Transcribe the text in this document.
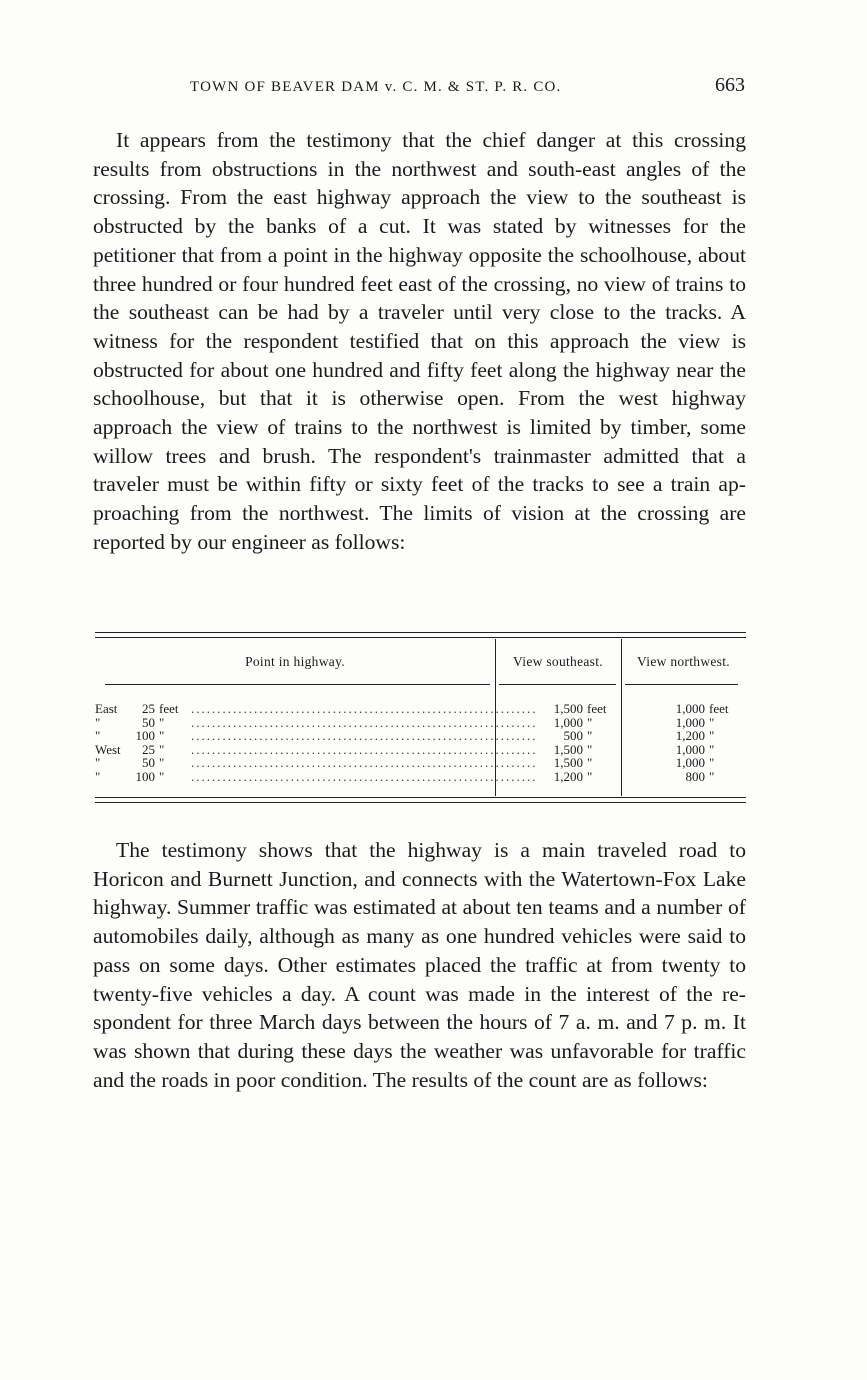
TOWN OF BEAVER DAM v. C. M. & ST. P. R. CO.	663

It appears from the testimony that the chief danger at this crossing results from obstructions in the northwest and south-east angles of the crossing. From the east highway approach the view to the southeast is obstructed by the banks of a cut. It was stated by witnesses for the petitioner that from a point in the highway opposite the schoolhouse, about three hundred or four hundred feet east of the crossing, no view of trains to the southeast can be had by a traveler until very close to the tracks. A witness for the respondent testified that on this approach the view is obstructed for about one hundred and fifty feet along the highway near the schoolhouse, but that it is otherwise open. From the west highway approach the view of trains to the northwest is limited by timber, some willow trees and brush. The respondent's trainmaster admitted that a traveler must be within fifty or sixty feet of the tracks to see a train ap-proaching from the northwest. The limits of vision at the crossing are reported by our engineer as follows:

Point in highway.	View southeast.	View northwest.
East	25 feet ..................................................................	1,500 feet	1,000 feet
"	50 "	..................................................................	1,000 "	1,000 "
"	100 "	..................................................................	500 "	1,200 "
West	25 "	..................................................................	1,500 "	1,000 "
"	50 "	..................................................................	1,500 "	1,000 "
"	100 "	..................................................................	1,200 "	800 "

The testimony shows that the highway is a main traveled road to Horicon and Burnett Junction, and connects with the Watertown-Fox Lake highway. Summer traffic was estimated at about ten teams and a number of automobiles daily, although as many as one hundred vehicles were said to pass on some days. Other estimates placed the traffic at from twenty to twenty-five vehicles a day. A count was made in the interest of the re-spondent for three March days between the hours of 7 a. m. and 7 p. m. It was shown that during these days the weather was unfavorable for traffic and the roads in poor condition. The results of the count are as follows:
